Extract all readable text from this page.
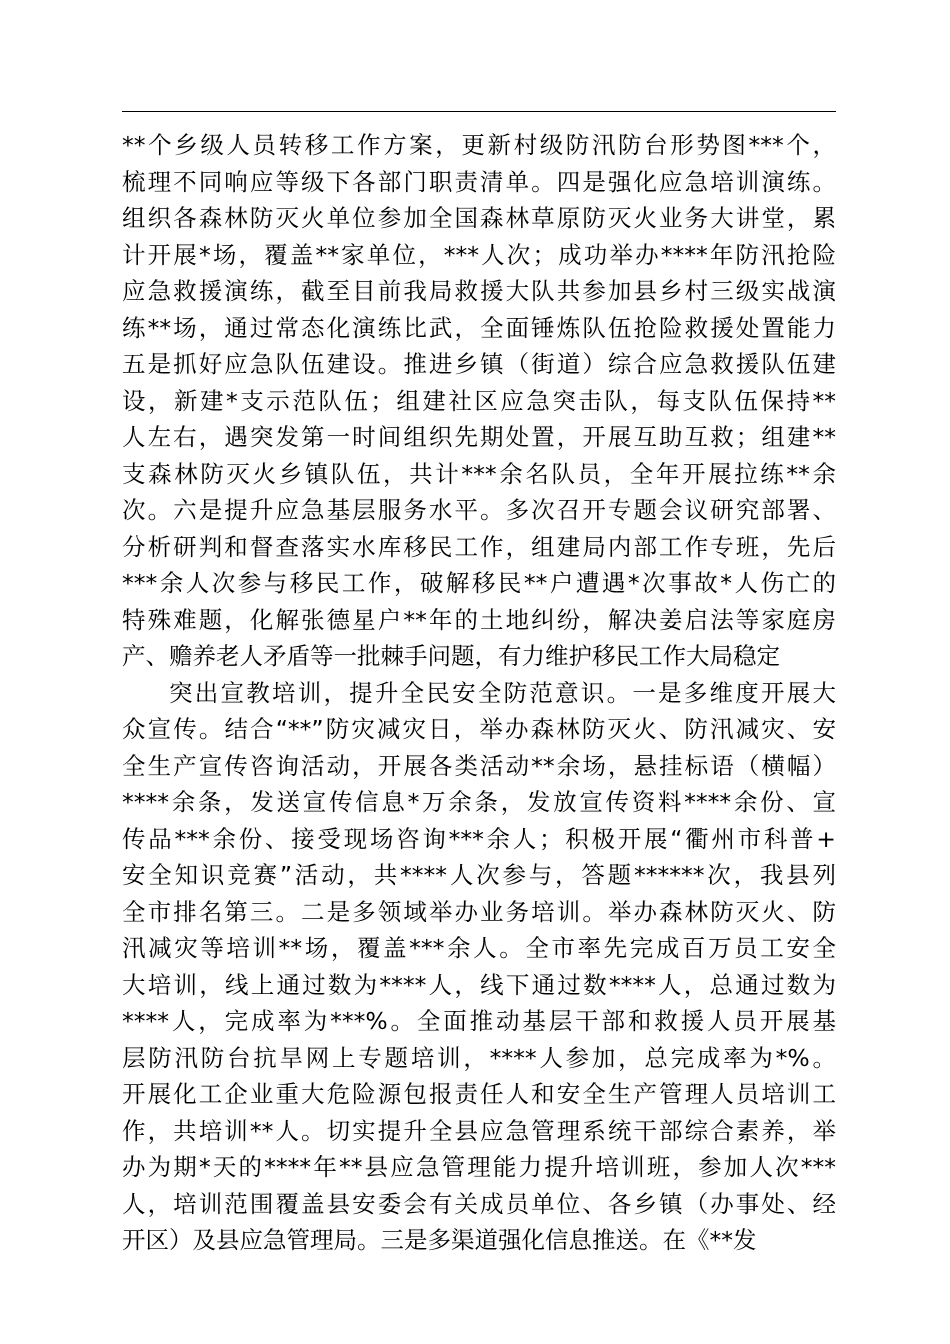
**个乡级人员转移工作方案，更新村级防汛防台形势图***个，
梳理不同响应等级下各部门职责清单。四是强化应急培训演练。
组织各森林防灭火单位参加全国森林草原防灭火业务大讲堂，累
计开展*场，覆盖**家单位，***人次；成功举办****年防汛抢险
应急救援演练，截至目前我局救援大队共参加县乡村三级实战演
练**场，通过常态化演练比武，全面锤炼队伍抢险救援处置能力
五是抓好应急队伍建设。推进乡镇（街道）综合应急救援队伍建
设，新建*支示范队伍；组建社区应急突击队，每支队伍保持**
人左右，遇突发第一时间组织先期处置，开展互助互救；组建**
支森林防灭火乡镇队伍，共计***余名队员，全年开展拉练**余
次。六是提升应急基层服务水平。多次召开专题会议研究部署、
分析研判和督查落实水库移民工作，组建局内部工作专班，先后
***余人次参与移民工作，破解移民**户遭遇*次事故*人伤亡的
特殊难题，化解张德星户**年的土地纠纷，解决姜启法等家庭房
产、赡养老人矛盾等一批棘手问题，有力维护移民工作大局稳定
突出宣教培训，提升全民安全防范意识。一是多维度开展大
众宣传。结合“**”防灾减灾日，举办森林防灭火、防汛减灾、安
全生产宣传咨询活动，开展各类活动**余场，悬挂标语（横幅）
****余条，发送宣传信息*万余条，发放宣传资料****余份、宣
传品***余份、接受现场咨询***余人；积极开展“衢州市科普+
安全知识竞赛”活动，共****人次参与，答题******次，我县列
全市排名第三。二是多领域举办业务培训。举办森林防灭火、防
汛减灾等培训**场，覆盖***余人。全市率先完成百万员工安全
大培训，线上通过数为****人，线下通过数****人，总通过数为
****人，完成率为***%。全面推动基层干部和救援人员开展基
层防汛防台抗旱网上专题培训，****人参加，总完成率为*%。
开展化工企业重大危险源包报责任人和安全生产管理人员培训工
作，共培训**人。切实提升全县应急管理系统干部综合素养，举
办为期*天的****年**县应急管理能力提升培训班，参加人次***
人，培训范围覆盖县安委会有关成员单位、各乡镇（办事处、经
开区）及县应急管理局。三是多渠道强化信息推送。在《**发
